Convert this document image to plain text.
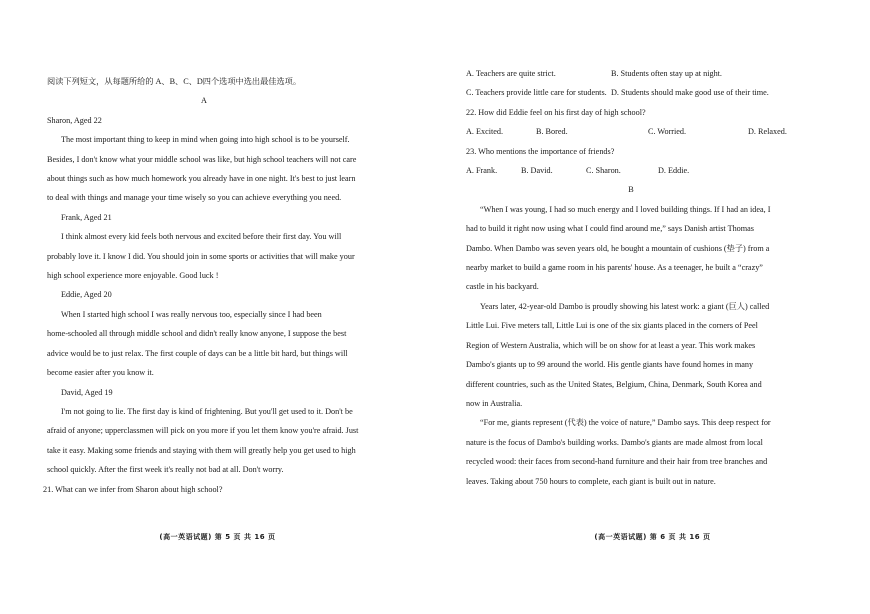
阅读下列短文，从每题所给的 A、B、C、D四个选项中选出最佳选项。

A

Sharon, Aged 22

The most important thing to keep in mind when going into high school is to be yourself.

Besides, I don't know what your middle school was like, but high school teachers will not care

about things such as how much homework you already have in one night. It's best to just learn

to deal with things and manage your time wisely so you can achieve everything you need.

Frank, Aged 21

I think almost every kid feels both nervous and excited before their first day. You will

probably love it. I know I did. You should join in some sports or activities that will make your

high school experience more enjoyable. Good luck !

Eddie, Aged 20

When I started high school I was really nervous too, especially since I had been

home-schooled all through middle school and didn't really know anyone, I suppose the best

advice would be to just relax. The first couple of days can be a little bit hard, but things will

become easier after you know it.

David, Aged 19

I'm not going to lie. The first day is kind of frightening. But you'll get used to it. Don't be

afraid of anyone; upperclassmen will pick on you more if you let them know you're afraid. Just

take it easy. Making some friends and staying with them will greatly help you get used to high

school quickly. After the first week it's really not bad at all. Don't worry.

21. What can we infer from Sharon about high school?

(高一英语试题) 第 5 页 共 16 页
A. Teachers are quite strict.	B. Students often stay up at night.
C. Teachers provide little care for students. D. Students should make good use of their time.

22. How did Eddie feel on his first day of high school?

A. Excited.	B. Bored.	C. Worried.	D. Relaxed.

23. Who mentions the importance of friends?

A. Frank.	B. David.	C. Sharon.	D. Eddie.

B

“When I was young, I had so much energy and I loved building things. If I had an idea, I

had to build it right now using what I could find around me,” says Danish artist Thomas

Dambo. When Dambo was seven years old, he bought a mountain of cushions (垫子) from a

nearby market to build a game room in his parents' house. As a teenager, he built a “crazy”

castle in his backyard.

Years later, 42-year-old Dambo is proudly showing his latest work: a giant (巨人) called

Little Lui. Five meters tall, Little Lui is one of the six giants placed in the corners of Peel

Region of Western Australia, which will be on show for at least a year. This work makes

Dambo's giants up to 99 around the world. His gentle giants have found homes in many

different countries, such as the United States, Belgium, China, Denmark, South Korea and

now in Australia.

“For me, giants represent (代表) the voice of nature,” Dambo says. This deep respect for

nature is the focus of Dambo's building works. Dambo's giants are made almost from local

recycled wood: their faces from second-hand furniture and their hair from tree branches and

leaves. Taking about 750 hours to complete, each giant is built out in nature.

(高一英语试题) 第 6 页 共 16 页
